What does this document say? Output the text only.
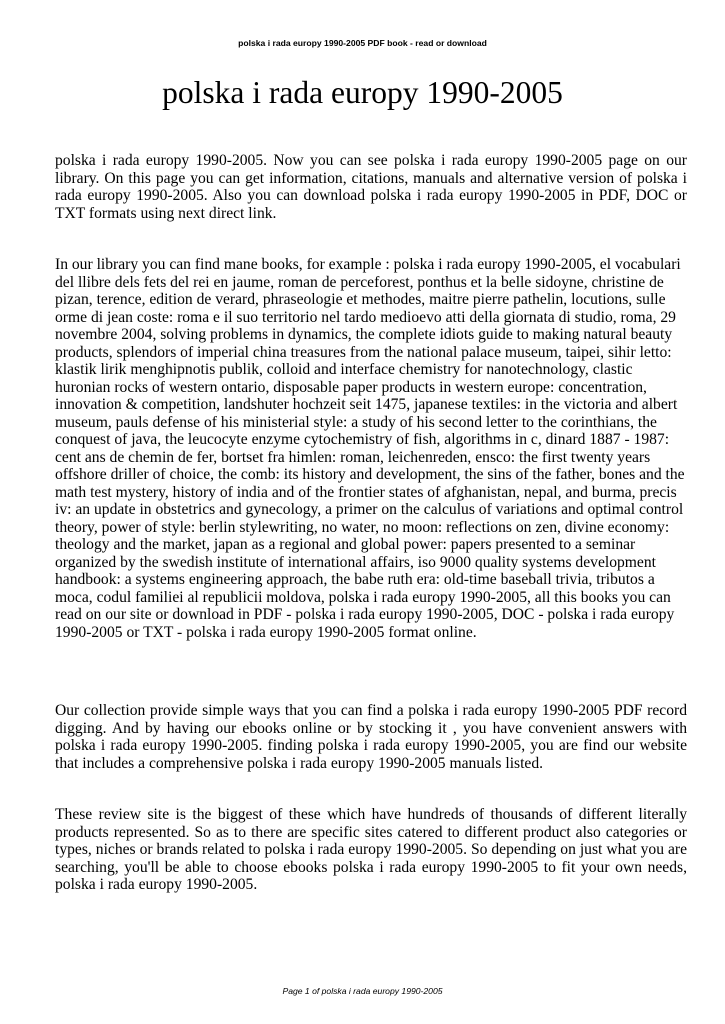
polska i rada europy 1990-2005 PDF book - read or download
polska i rada europy 1990-2005

polska i rada europy 1990-2005. Now you can see polska i rada europy 1990-2005 page on our library. On this page you can get information, citations, manuals and alternative version of polska i rada europy 1990-2005. Also you can download polska i rada europy 1990-2005 in PDF, DOC or TXT formats using next direct link.

In our library you can find mane books, for example : polska i rada europy 1990-2005, el vocabulari del llibre dels fets del rei en jaume, roman de perceforest, ponthus et la belle sidoyne, christine de pizan, terence, edition de verard, phraseologie et methodes, maitre pierre pathelin, locutions, sulle orme di jean coste: roma e il suo territorio nel tardo medioevo atti della giornata di studio, roma, 29 novembre 2004, solving problems in dynamics, the complete idiots guide to making natural beauty products, splendors of imperial china treasures from the national palace museum, taipei, sihir letto: klastik lirik menghipnotis publik, colloid and interface chemistry for nanotechnology, clastic huronian rocks of western ontario, disposable paper products in western europe: concentration, innovation & competition, landshuter hochzeit seit 1475, japanese textiles: in the victoria and albert museum, pauls defense of his ministerial style: a study of his second letter to the corinthians, the conquest of java, the leucocyte enzyme cytochemistry of fish, algorithms in c, dinard 1887 - 1987: cent ans de chemin de fer, bortset fra himlen: roman, leichenreden, ensco: the first twenty years offshore driller of choice, the comb: its history and development, the sins of the father, bones and the math test mystery, history of india and of the frontier states of afghanistan, nepal, and burma, precis iv: an update in obstetrics and gynecology, a primer on the calculus of variations and optimal control theory, power of style: berlin stylewriting, no water, no moon: reflections on zen, divine economy: theology and the market, japan as a regional and global power: papers presented to a seminar organized by the swedish institute of international affairs, iso 9000 quality systems development handbook: a systems engineering approach, the babe ruth era: old-time baseball trivia, tributos a moca, codul familiei al republicii moldova, polska i rada europy 1990-2005, all this books you can read on our site or download in PDF - polska i rada europy 1990-2005, DOC - polska i rada europy 1990-2005 or TXT - polska i rada europy 1990-2005 format online.

Our collection provide simple ways that you can find a polska i rada europy 1990-2005 PDF record digging. And by having our ebooks online or by stocking it , you have convenient answers with polska i rada europy 1990-2005. finding polska i rada europy 1990-2005, you are find our website that includes a comprehensive polska i rada europy 1990-2005 manuals listed.

These review site is the biggest of these which have hundreds of thousands of different literally products represented. So as to there are specific sites catered to different product also categories or types, niches or brands related to polska i rada europy 1990-2005. So depending on just what you are searching, you'll be able to choose ebooks polska i rada europy 1990-2005 to fit your own needs, polska i rada europy 1990-2005.

Page 1 of polska i rada europy 1990-2005
